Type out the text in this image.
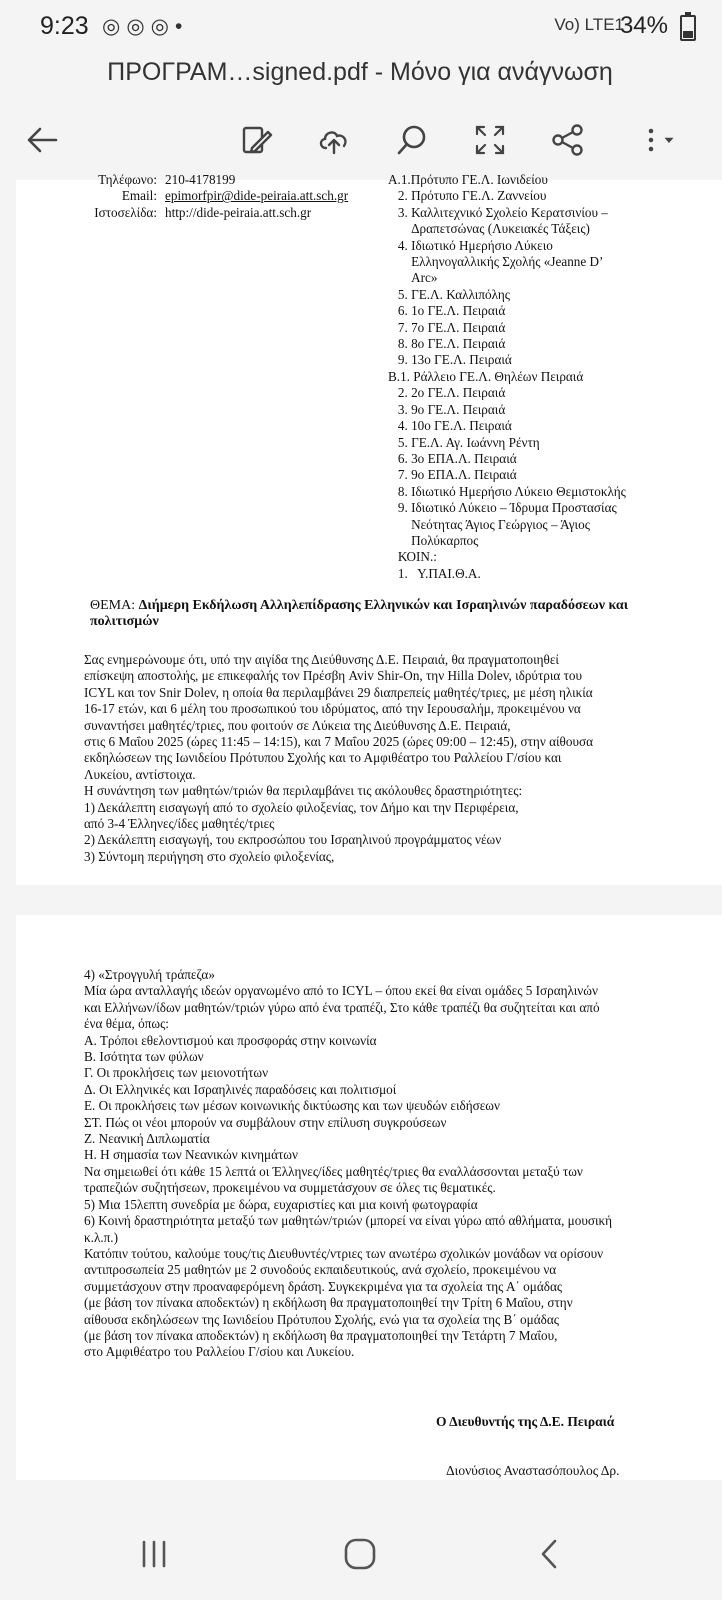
9:23 ◎◎◎•	Vo) LTE1
34%
ΠΡΟΓΡΑΜ…signed.pdf - Μόνο για ανάγνωση
Τηλέφωνο: 210-4178199
Email: epimorfpir@dide-peiraia.att.sch.gr
Ιστοσελίδα: http://dide-peiraia.att.sch.gr
A.1.Πρότυπο ΓΕ.Λ. Ιωνιδείου
2. Πρότυπο ΓΕ.Λ. Ζαννείου
3. Καλλιτεχνικό Σχολείο Κερατσινίου –
Δραπετσώνας (Λυκειακές Τάξεις)
4. Ιδιωτικό Ημερήσιο Λύκειο
Ελληνογαλλικής Σχολής «Jeanne D’
Arc»
5. ΓΕ.Λ. Καλλιπόλης
6. 1ο ΓΕ.Λ. Πειραιά
7. 7ο ΓΕ.Λ. Πειραιά
8. 8ο ΓΕ.Λ. Πειραιά
9. 13ο ΓΕ.Λ. Πειραιά
B.1. Ράλλειο ΓΕ.Λ. Θηλέων Πειραιά
2. 2ο ΓΕ.Λ. Πειραιά
3. 9ο ΓΕ.Λ. Πειραιά
4. 10ο ΓΕ.Λ. Πειραιά
5. ΓΕ.Λ. Αγ. Ιωάννη Ρέντη
6. 3ο ΕΠΑ.Λ. Πειραιά
7. 9ο ΕΠΑ.Λ. Πειραιά
8. Ιδιωτικό Ημερήσιο Λύκειο Θεμιστοκλής
9. Ιδιωτικό Λύκειο – Ίδρυμα Προστασίας
Νεότητας Άγιος Γεώργιος – Άγιος
Πολύκαρπος
ΚΟΙΝ.:
1.   Υ.ΠΑΙ.Θ.Α.
ΘΕΜΑ: Διήμερη Εκδήλωση Αλληλεπίδρασης Ελληνικών και Ισραηλινών παραδόσεων και πολιτισμών
Σας ενημερώνουμε ότι, υπό την αιγίδα της Διεύθυνσης Δ.Ε. Πειραιά, θα πραγματοποιηθεί
επίσκεψη αποστολής, με επικεφαλής τον Πρέσβη Aviv Shir-On, την Hilla Dolev, ιδρύτρια του
ICYL και τον Snir Dolev, η οποία θα περιλαμβάνει 29 διαπρεπείς μαθητές/τριες, με μέση ηλικία
16-17 ετών, και 6 μέλη του προσωπικού του ιδρύματος, από την Ιερουσαλήμ, προκειμένου να
συναντήσει μαθητές/τριες, που φοιτούν σε Λύκεια της Διεύθυνσης Δ.Ε. Πειραιά,
στις 6 Μαΐου 2025 (ώρες 11:45 – 14:15), και 7 Μαΐου 2025 (ώρες 09:00 – 12:45), στην αίθουσα
εκδηλώσεων της Ιωνιδείου Πρότυπου Σχολής και το Αμφιθέατρο του Ραλλείου Γ/σίου και
Λυκείου, αντίστοιχα.
Η συνάντηση των μαθητών/τριών θα περιλαμβάνει τις ακόλουθες δραστηριότητες:
1) Δεκάλεπτη εισαγωγή από το σχολείο φιλοξενίας, τον Δήμο και την Περιφέρεια,
από 3-4 Έλληνες/ίδες μαθητές/τριες
2) Δεκάλεπτη εισαγωγή, του εκπροσώπου του Ισραηλινού προγράμματος νέων
3) Σύντομη περιήγηση στο σχολείο φιλοξενίας,
4) «Στρογγυλή τράπεζα»
Μία ώρα ανταλλαγής ιδεών οργανωμένο από το ICYL – όπου εκεί θα είναι ομάδες 5 Ισραηλινών
και Ελλήνων/ίδων μαθητών/τριών γύρω από ένα τραπέζι, Στο κάθε τραπέζι θα συζητείται και από
ένα θέμα, όπως:
Α. Τρόποι εθελοντισμού και προσφοράς στην κοινωνία
Β. Ισότητα των φύλων
Γ. Οι προκλήσεις των μειονοτήτων
Δ. Οι Ελληνικές και Ισραηλινές παραδόσεις και πολιτισμοί
Ε. Οι προκλήσεις των μέσων κοινωνικής δικτύωσης και των ψευδών ειδήσεων
ΣΤ. Πώς οι νέοι μπορούν να συμβάλουν στην επίλυση συγκρούσεων
Ζ. Νεανική Διπλωματία
Η. Η σημασία των Νεανικών κινημάτων
Να σημειωθεί ότι κάθε 15 λεπτά οι Έλληνες/ίδες μαθητές/τριες θα εναλλάσσονται μεταξύ των
τραπεζιών συζητήσεων, προκειμένου να συμμετάσχουν σε όλες τις θεματικές.
5) Μια 15λεπτη συνεδρία με δώρα, ευχαριστίες και μια κοινή φωτογραφία
6) Κοινή δραστηριότητα μεταξύ των μαθητών/τριών (μπορεί να είναι γύρω από αθλήματα, μουσική
κ.λ.π.)
Κατόπιν τούτου, καλούμε τους/τις Διευθυντές/ντριες των ανωτέρω σχολικών μονάδων να ορίσουν
αντιπροσωπεία 25 μαθητών με 2 συνοδούς εκπαιδευτικούς, ανά σχολείο, προκειμένου να
συμμετάσχουν στην προαναφερόμενη δράση. Συγκεκριμένα για τα σχολεία της Α΄ ομάδας
(με βάση τον πίνακα αποδεκτών) η εκδήλωση θα πραγματοποιηθεί την Τρίτη 6 Μαΐου, στην
αίθουσα εκδηλώσεων της Ιωνιδείου Πρότυπου Σχολής, ενώ για τα σχολεία της Β΄ ομάδας
(με βάση τον πίνακα αποδεκτών) η εκδήλωση θα πραγματοποιηθεί την Τετάρτη 7 Μαΐου,
στο Αμφιθέατρο του Ραλλείου Γ/σίου και Λυκείου.
Ο Διευθυντής της Δ.Ε. Πειραιά
Διονύσιος Αναστασόπουλος Δρ.
